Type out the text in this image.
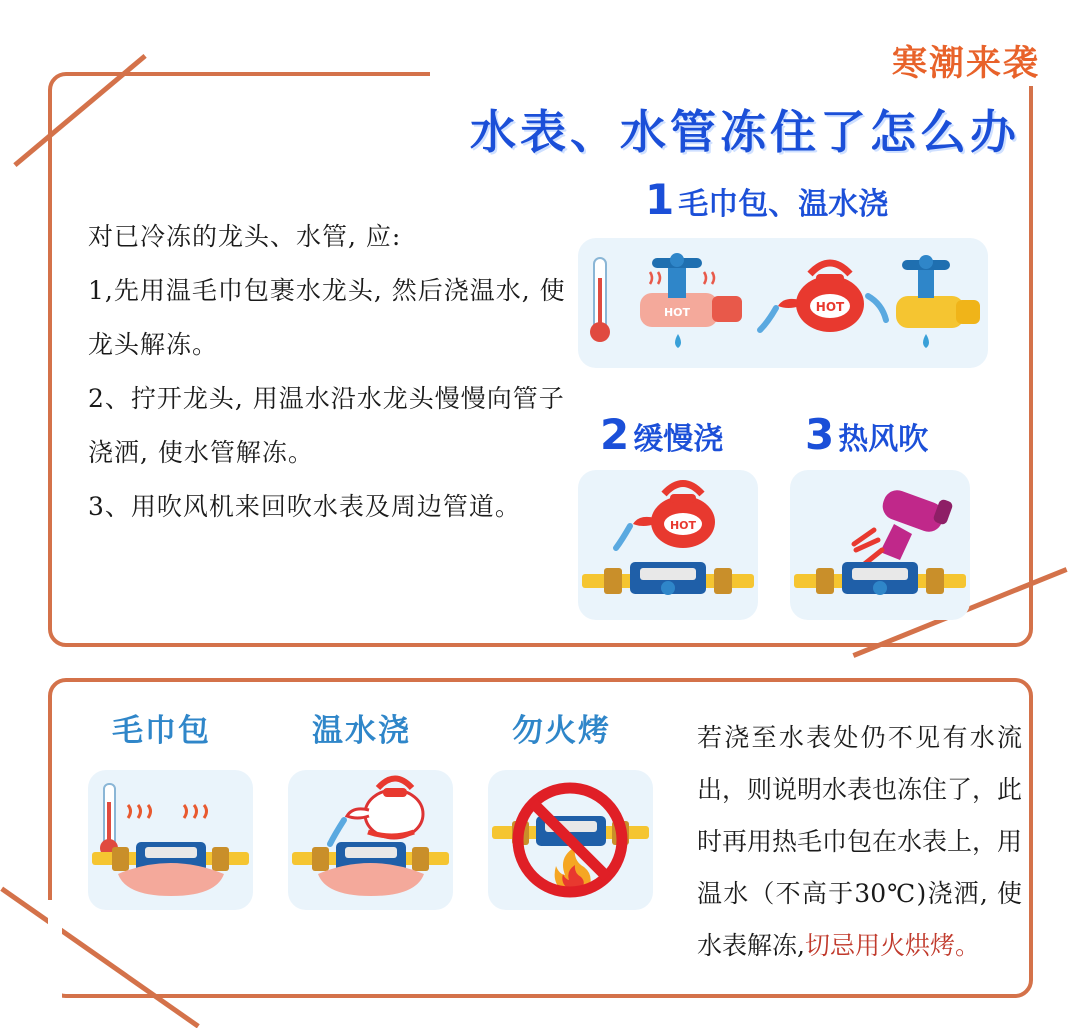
寒潮来袭
水表、水管冻住了怎么办

对已冷冻的龙头、水管, 应:

1,先用温毛巾包裹水龙头, 然后浇温水, 使龙头解冻。

2、拧开龙头, 用温水沿水龙头慢慢向管子浇洒, 使水管解冻。

3、用吹风机来回吹水表及周边管道。

1 毛巾包、温水浇
HOT	HOT
2 缓慢浇
HOT
3 热风吹
毛巾包	温水浇	勿火烤	若浇至水表处仍不见有水流出，则说明水表也冻住了，此时再用热毛巾包在水表上，用温水（不高于30℃)浇洒, 使水表解冻,切忌用火烘烤。
